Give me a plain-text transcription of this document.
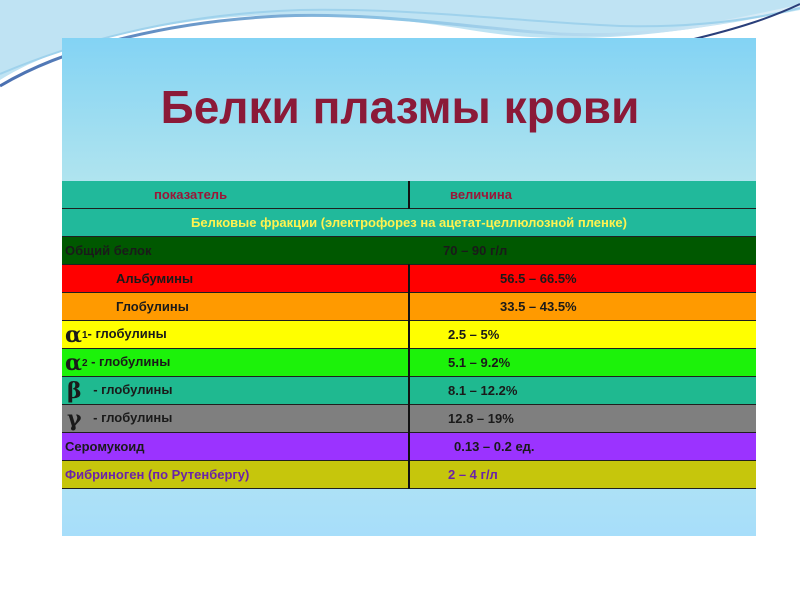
Белки плазмы крови
показатель	величина
Белковые фракции (электрофорез на ацетат-целлюлозной пленке)	
Общий белок	70 – 90 г/л
Альбумины	56.5 – 66.5%
Глобулины	33.5 – 43.5%
α1- глобулины	2.5 – 5%
α2 - глобулины	5.1 – 9.2%
β - глобулины	8.1 – 12.2%
γ - глобулины	12.8 – 19%
Серомукоид	0.13 – 0.2 ед.
Фибриноген (по Рутенбергу)	2 – 4 г/л
